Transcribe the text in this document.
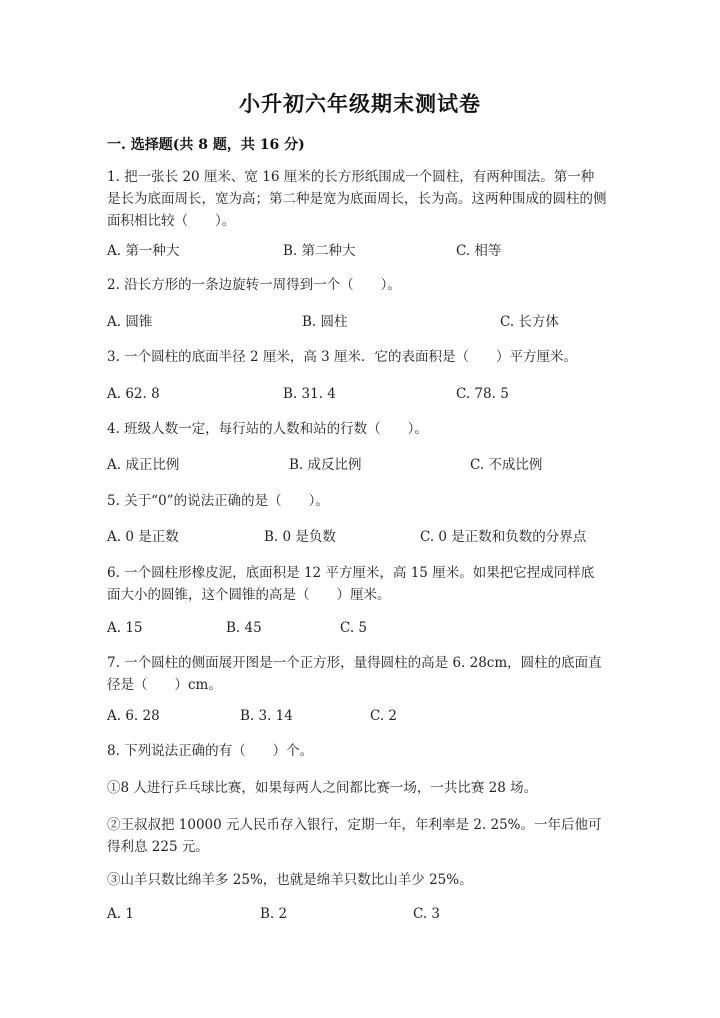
小升初六年级期末测试卷
一. 选择题(共 8 题，共 16 分)
1. 把一张长 20 厘米、宽 16 厘米的长方形纸围成一个圆柱，有两种围法。第一种是长为底面周长，宽为高；第二种是宽为底面周长，长为高。这两种围成的圆柱的侧面积相比较（　　）。
A. 第一种大	B. 第二种大	C. 相等
2. 沿长方形的一条边旋转一周得到一个（　　）。
A. 圆锥	B. 圆柱	C. 长方体
3. 一个圆柱的底面半径 2 厘米，高 3 厘米．它的表面积是（　　）平方厘米。
A. 62. 8	B. 31. 4	C. 78. 5
4. 班级人数一定，每行站的人数和站的行数（　　）。
A. 成正比例	B. 成反比例	C. 不成比例
5. 关于“0”的说法正确的是（　　）。
A. 0 是正数	B. 0 是负数	C. 0 是正数和负数的分界点
6. 一个圆柱形橡皮泥，底面积是 12 平方厘米，高 15 厘米。如果把它捏成同样底面大小的圆锥，这个圆锥的高是（　　）厘米。
A. 15	B. 45	C. 5
7. 一个圆柱的侧面展开图是一个正方形，量得圆柱的高是 6. 28cm，圆柱的底面直径是（　　）cm。
A. 6. 28	B. 3. 14	C. 2
8. 下列说法正确的有（　　）个。
①8 人进行乒乓球比赛，如果每两人之间都比赛一场，一共比赛 28 场。
②王叔叔把 10000 元人民币存入银行，定期一年，年利率是 2. 25%。一年后他可得利息 225 元。
③山羊只数比绵羊多 25%，也就是绵羊只数比山羊少 25%。
A. 1	B. 2	C. 3
